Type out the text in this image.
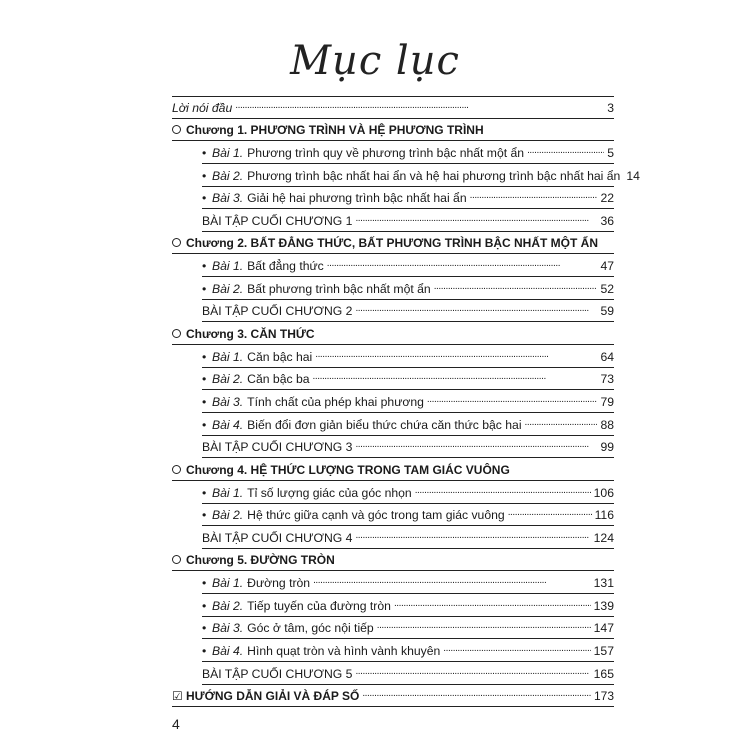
Mục lục
Lời nói đầu . . .	3
Chương 1. PHƯƠNG TRÌNH VÀ HỆ PHƯƠNG TRÌNH
• Bài 1. Phương trình quy về phương trình bậc nhất một ẩn . . .	5
• Bài 2. Phương trình bậc nhất hai ẩn và hệ hai phương trình bậc nhất hai ẩn 14
• Bài 3. Giải hệ hai phương trình bậc nhất hai ẩn . . .	22
BÀI TẬP CUỐI CHƯƠNG 1 . . .	36
Chương 2. BẤT ĐẲNG THỨC, BẤT PHƯƠNG TRÌNH BẬC NHẤT MỘT ẨN
• Bài 1. Bất đẳng thức . . .	47
• Bài 2. Bất phương trình bậc nhất một ẩn . . .	52
BÀI TẬP CUỐI CHƯƠNG 2 . . .	59
Chương 3. CĂN THỨC
• Bài 1. Căn bậc hai . . .	64
• Bài 2. Căn bậc ba . . .	73
• Bài 3. Tính chất của phép khai phương . . .	79
• Bài 4. Biến đổi đơn giản biểu thức chứa căn thức bậc hai . . .	88
BÀI TẬP CUỐI CHƯƠNG 3 . . .	99
Chương 4. HỆ THỨC LƯỢNG TRONG TAM GIÁC VUÔNG
• Bài 1. Tỉ số lượng giác của góc nhọn . . .	106
• Bài 2. Hệ thức giữa cạnh và góc trong tam giác vuông . . .	116
BÀI TẬP CUỐI CHƯƠNG 4 . . .	124
Chương 5. ĐƯỜNG TRÒN
• Bài 1. Đường tròn . . .	131
• Bài 2. Tiếp tuyến của đường tròn . . .	139
• Bài 3. Góc ở tâm, góc nội tiếp . . .	147
• Bài 4. Hình quạt tròn và hình vành khuyên . . .	157
BÀI TẬP CUỐI CHƯƠNG 5 . . .	165
☑ HƯỚNG DẪN GIẢI VÀ ĐÁP SỐ . . .	173
4
